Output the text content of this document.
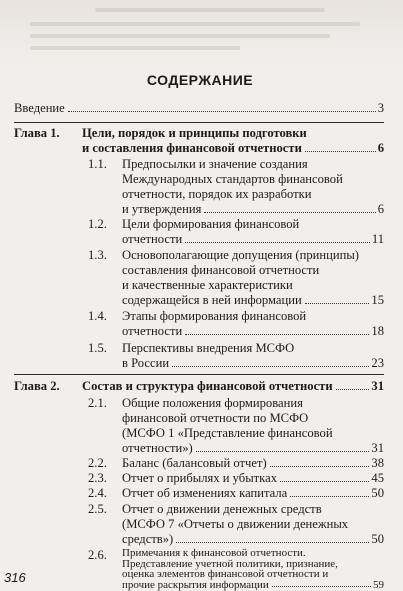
СОДЕРЖАНИЕ
Введение	3
Глава 1. Цели, порядок и принципы подготовки
и составления финансовой отчетности	6
1.1. Предпосылки и значение создания
Международных стандартов финансовой
отчетности, порядок их разработки
и утверждения	6
1.2. Цели формирования финансовой
отчетности	11
1.3. Основополагающие допущения (принципы)
составления финансовой отчетности
и качественные характеристики
содержащейся в ней информации	15
1.4. Этапы формирования финансовой
отчетности	18
1.5. Перспективы внедрения МСФО
в России	23
Глава 2. Состав и структура финансовой отчетности	31
2.1. Общие положения формирования
финансовой отчетности по МСФО
(МСФО 1 «Представление финансовой
отчетности»)	31
2.2. Баланс (балансовый отчет)	38
2.3. Отчет о прибылях и убытках	45
2.4. Отчет об изменениях капитала	50
2.5. Отчет о движении денежных средств
(МСФО 7 «Отчеты о движении денежных
средств»)	50
2.6. Примечания к финансовой отчетности.
Представление учетной политики, признание,
оценка элементов финансовой отчетности и
прочие раскрытия информации	59
316
